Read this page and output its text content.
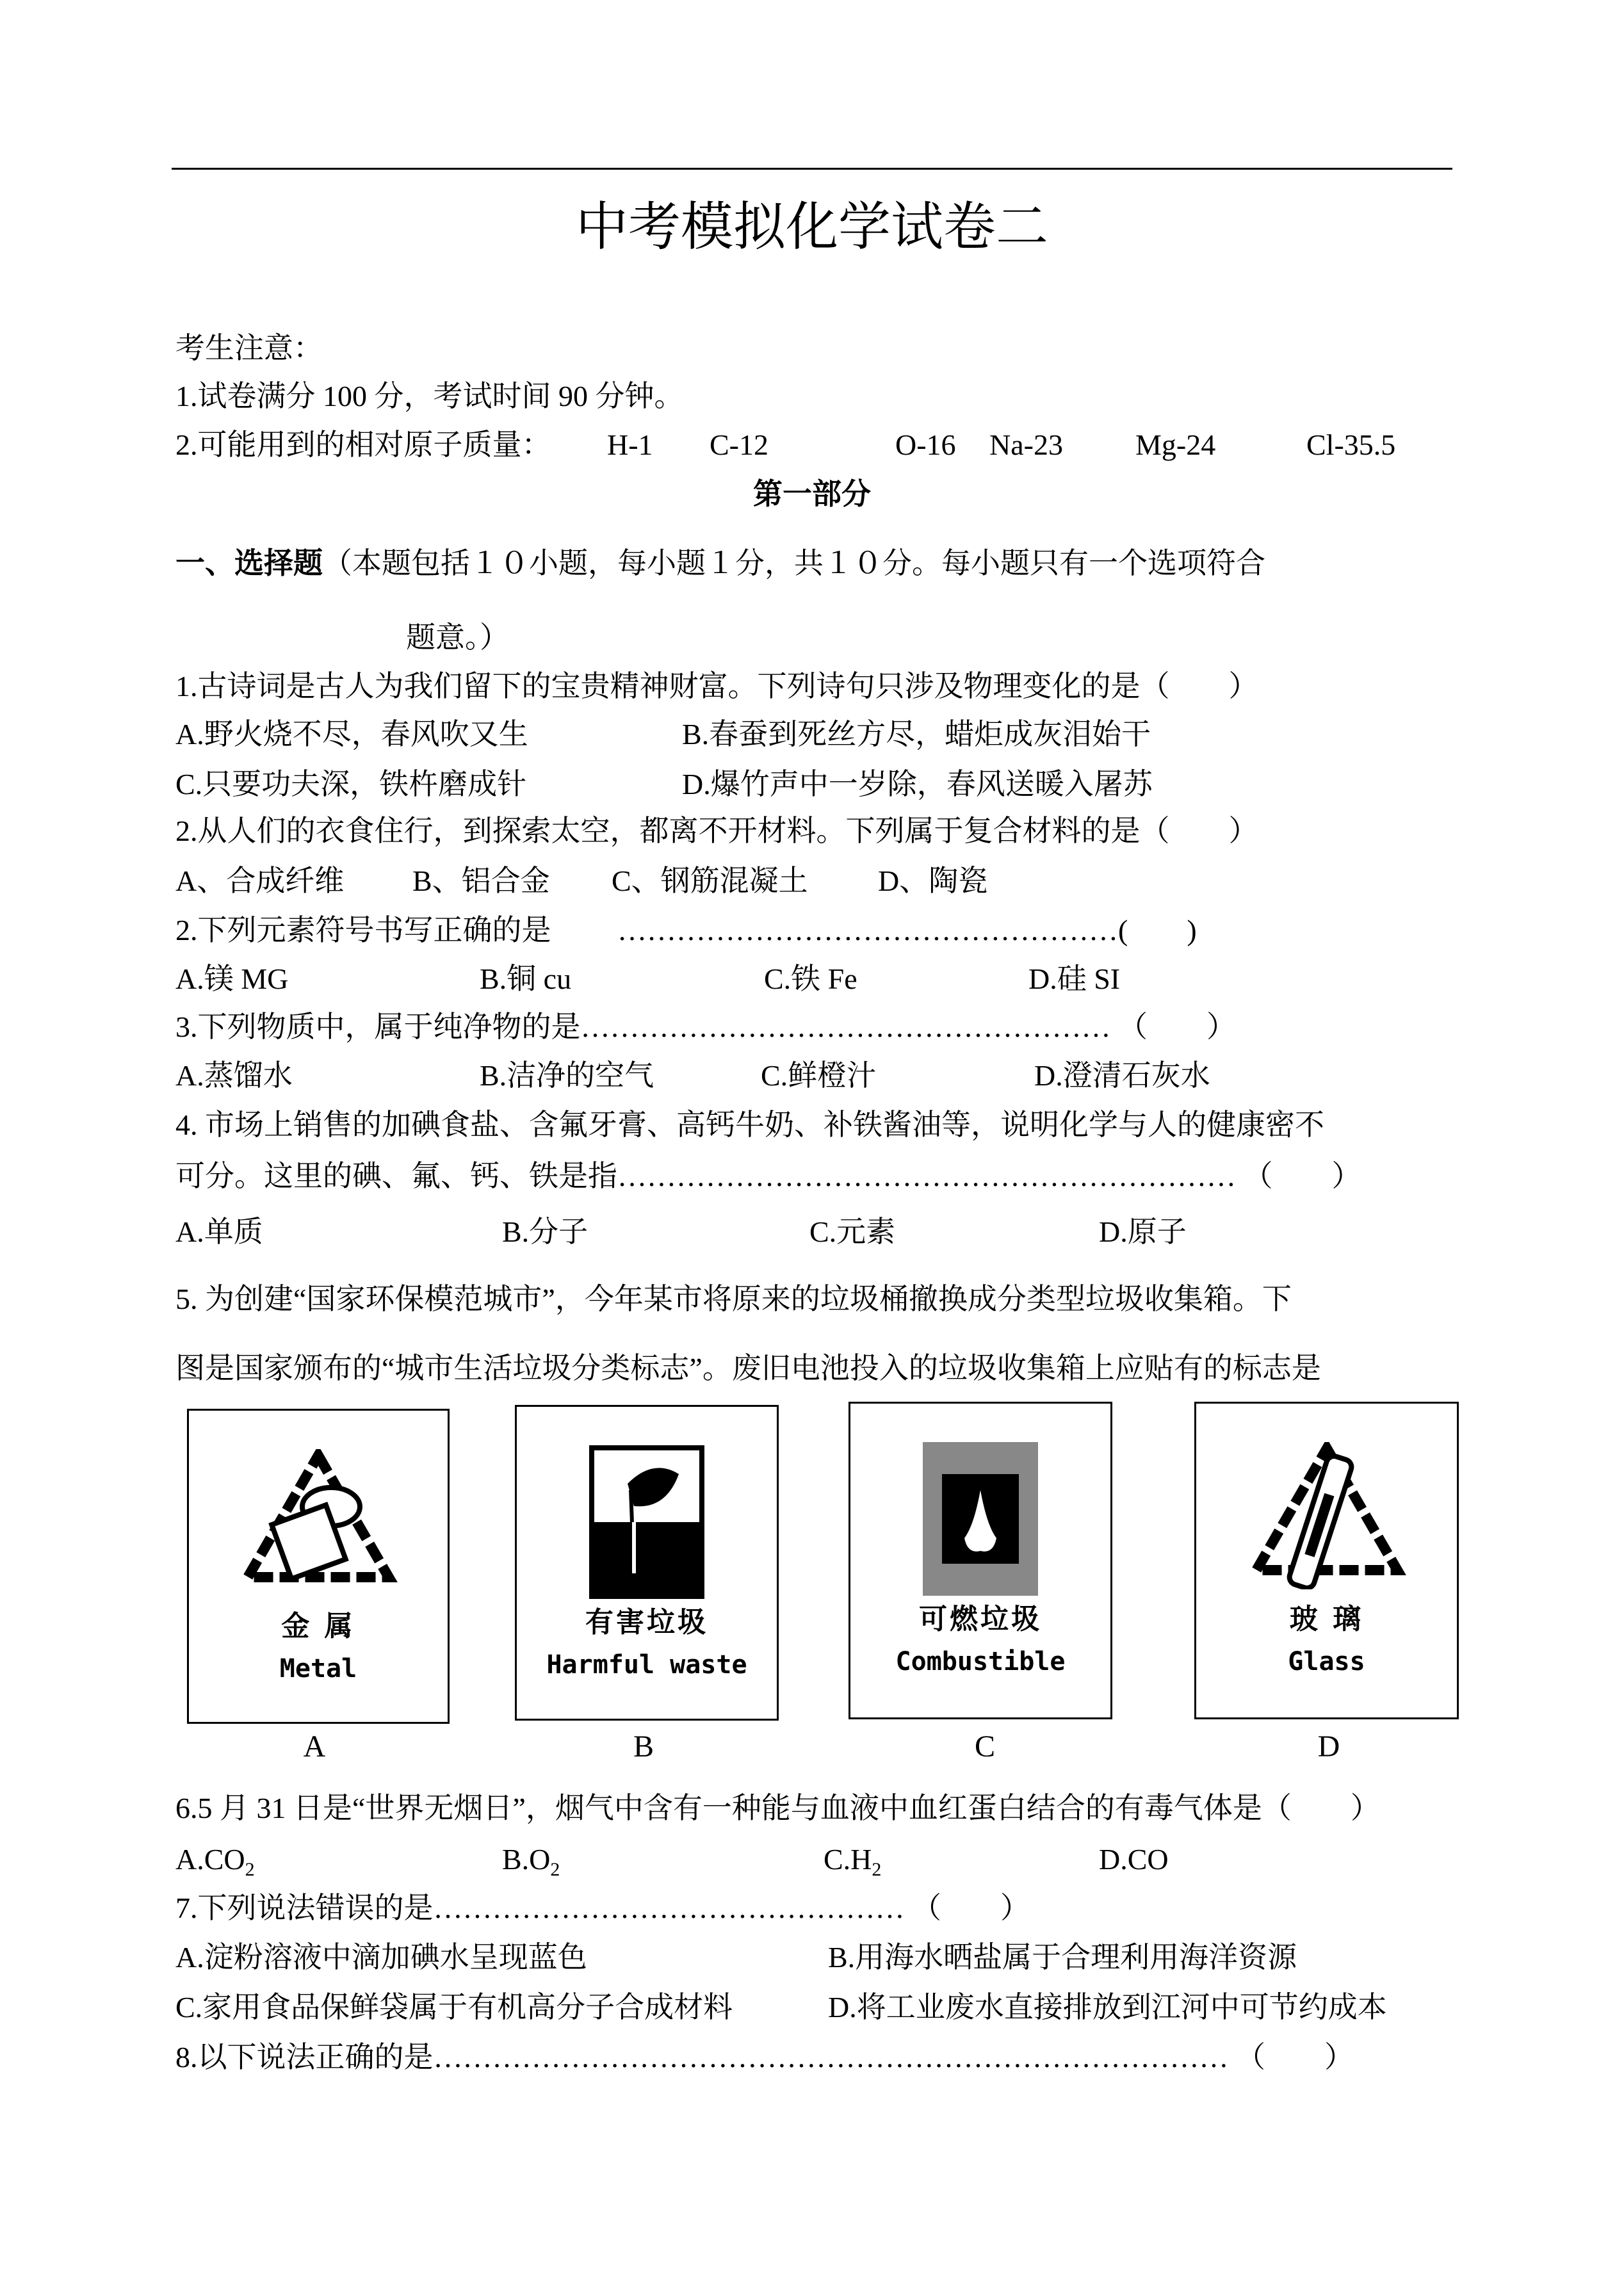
中考模拟化学试卷二
考生注意：
1.试卷满分 100 分，考试时间 90 分钟。
2.可能用到的相对原子质量： H-1 C-12	O-16 Na-23 Mg-24	Cl-35.5
第一部分
一、选择题（本题包括１０小题，每小题１分，共１０分。每小题只有一个选项符合
题意。）
1.古诗词是古人为我们留下的宝贵精神财富。下列诗句只涉及物理变化的是（　　）
A.野火烧不尽，春风吹又生	B.春蚕到死丝方尽，蜡炬成灰泪始干
C.只要功夫深，铁杵磨成针	D.爆竹声中一岁除，春风送暖入屠苏
2.从人们的衣食住行，到探索太空，都离不开材料。下列属于复合材料的是（　　）
A、合成纤维 B、铝合金 C、钢筋混凝土 D、陶瓷
2.下列元素符号书写正确的是　　 ……………………………………………(　　)
A.镁 MG	B.铜 cu	C.铁 Fe	D.硅 SI
3.下列物质中，属于纯净物的是……………………………………………… （　　）
A.蒸馏水	B.洁净的空气	C.鲜橙汁	D.澄清石灰水
4. 市场上销售的加碘食盐、含氟牙膏、高钙牛奶、补铁酱油等，说明化学与人的健康密不
可分。这里的碘、氟、钙、铁是指……………………………………………………… （　　）
A.单质	B.分子	C.元素	D.原子
5. 为创建“国家环保模范城市”，今年某市将原来的垃圾桶撤换成分类型垃圾收集箱。下
图是国家颁布的“城市生活垃圾分类标志”。废旧电池投入的垃圾收集箱上应贴有的标志是
金 属
Metal
有害垃圾
Harmful waste
可燃垃圾
Combustible
玻 璃
Glass
A	B	C	D
6.5 月 31 日是“世界无烟日”，烟气中含有一种能与血液中血红蛋白结合的有毒气体是（　　）
$A.CO_2$	$B.O_2$	$C.H_2$	D.CO
7.下列说法错误的是………………………………………… （　　）
A.淀粉溶液中滴加碘水呈现蓝色	B.用海水晒盐属于合理利用海洋资源
C.家用食品保鲜袋属于有机高分子合成材料	D.将工业废水直接排放到江河中可节约成本
8.以下说法正确的是……………………………………………………………………… （　　）
